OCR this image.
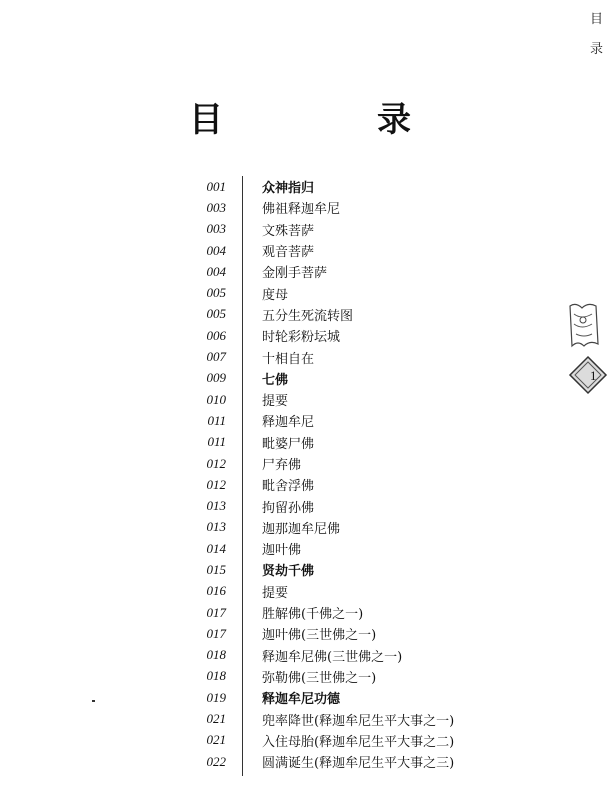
目
录
目　录
001	众神指归
003	佛祖释迦牟尼
003	文殊菩萨
004	观音菩萨
004	金刚手菩萨
005	度母
005	五分生死流转图
006	时轮彩粉坛城
007	十相自在
009	七佛
010	提要
011	释迦牟尼
011	毗婆尸佛
012	尸弃佛
012	毗舍浮佛
013	拘留孙佛
013	迦那迦牟尼佛
014	迦叶佛
015	贤劫千佛
016	提要
017	胜解佛(千佛之一)
017	迦叶佛(三世佛之一)
018	释迦牟尼佛(三世佛之一)
018	弥勒佛(三世佛之一)
019	释迦牟尼功德
021	兜率降世(释迦牟尼生平大事之一)
021	入住母胎(释迦牟尼生平大事之二)
022	圆满诞生(释迦牟尼生平大事之三)
1
